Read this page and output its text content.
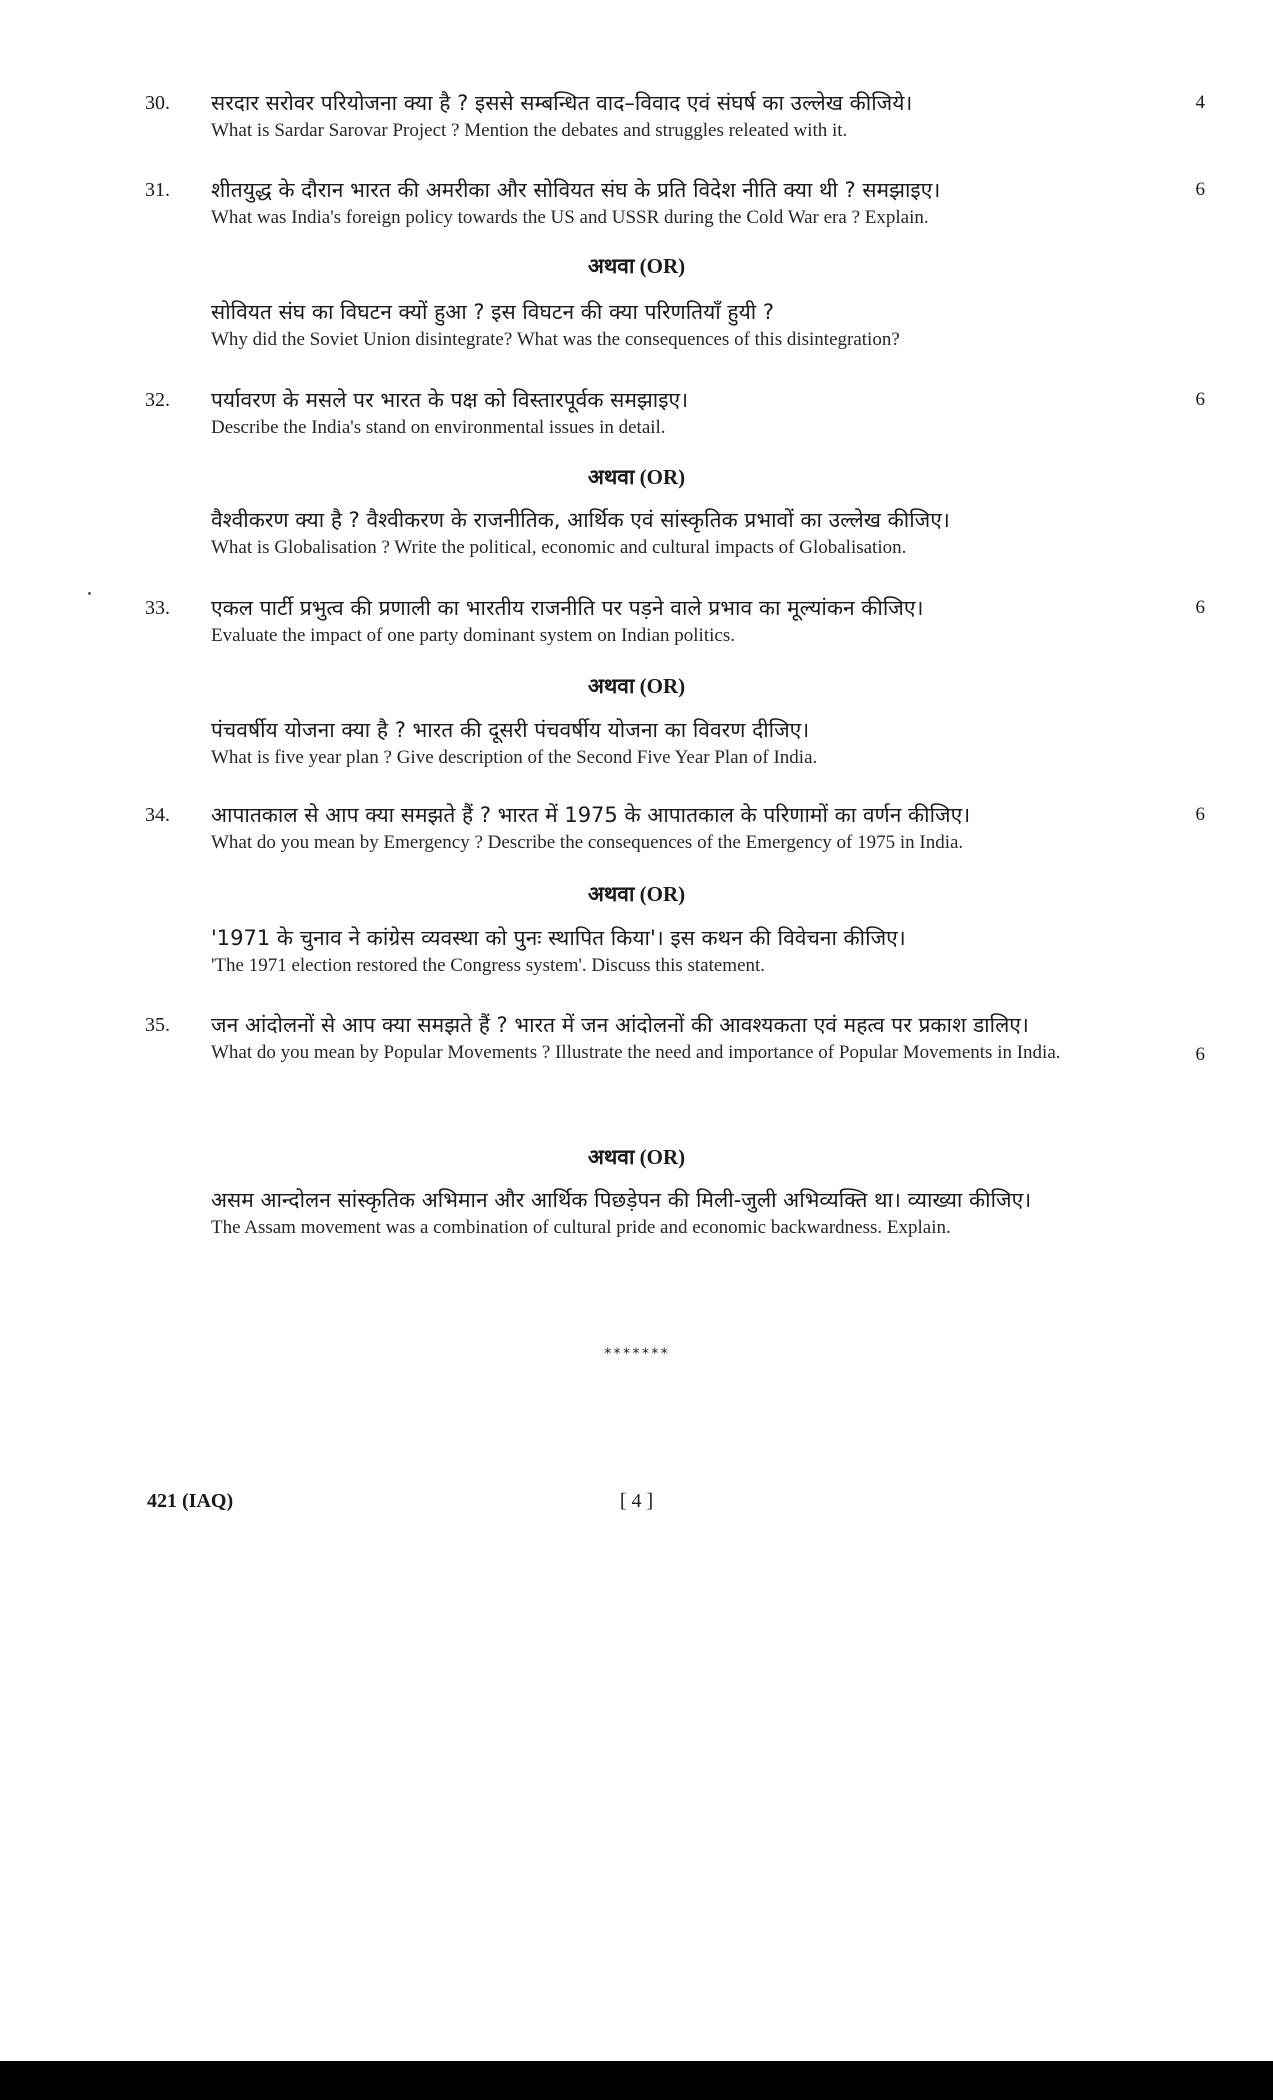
30. सरदार सरोवर परियोजना क्या है ? इससे सम्बन्धित वाद–विवाद एवं संघर्ष का उल्लेख कीजिये।
What is Sardar Sarovar Project ? Mention the debates and struggles releated with it.
4
31. शीतयुद्ध के दौरान भारत की अमरीका और सोवियत संघ के प्रति विदेश नीति क्या थी ? समझाइए।
What was India's foreign policy towards the US and USSR during the Cold War era ? Explain.
6
अथवा (OR)
सोवियत संघ का विघटन क्यों हुआ ? इस विघटन की क्या परिणतियाँ हुयी ?
Why did the Soviet Union disintegrate? What was the consequences of this disintegration?
32. पर्यावरण के मसले पर भारत के पक्ष को विस्तारपूर्वक समझाइए।
Describe the India's stand on environmental issues in detail.
6
अथवा (OR)
वैश्वीकरण क्या है ? वैश्वीकरण के राजनीतिक, आर्थिक एवं सांस्कृतिक प्रभावों का उल्लेख कीजिए।
What is Globalisation ? Write the political, economic and cultural impacts of Globalisation.
33. एकल पार्टी प्रभुत्व की प्रणाली का भारतीय राजनीति पर पड़ने वाले प्रभाव का मूल्यांकन कीजिए।
Evaluate the impact of one party dominant system on Indian politics.
6
अथवा (OR)
पंचवर्षीय योजना क्या है ? भारत की दूसरी पंचवर्षीय योजना का विवरण दीजिए।
What is five year plan ? Give description of the Second Five Year Plan of India.
34. आपातकाल से आप क्या समझते हैं ? भारत में 1975 के आपातकाल के परिणामों का वर्णन कीजिए।
What do you mean by Emergency ? Describe the consequences of the Emergency of 1975 in India.
6
अथवा (OR)
'1971 के चुनाव ने कांग्रेस व्यवस्था को पुनः स्थापित किया'। इस कथन की विवेचना कीजिए।
'The 1971 election restored the Congress system'. Discuss this statement.
35. जन आंदोलनों से आप क्या समझते हैं ? भारत में जन आंदोलनों की आवश्यकता एवं महत्व पर प्रकाश डालिए।
What do you mean by Popular Movements ? Illustrate the need and importance of Popular Movements in India.	6
अथवा (OR)
असम आन्दोलन सांस्कृतिक अभिमान और आर्थिक पिछड़ेपन की मिली-जुली अभिव्यक्ति था। व्याख्या कीजिए।
The Assam movement was a combination of cultural pride and economic backwardness. Explain.
*******
421 (IAQ)	[ 4 ]
